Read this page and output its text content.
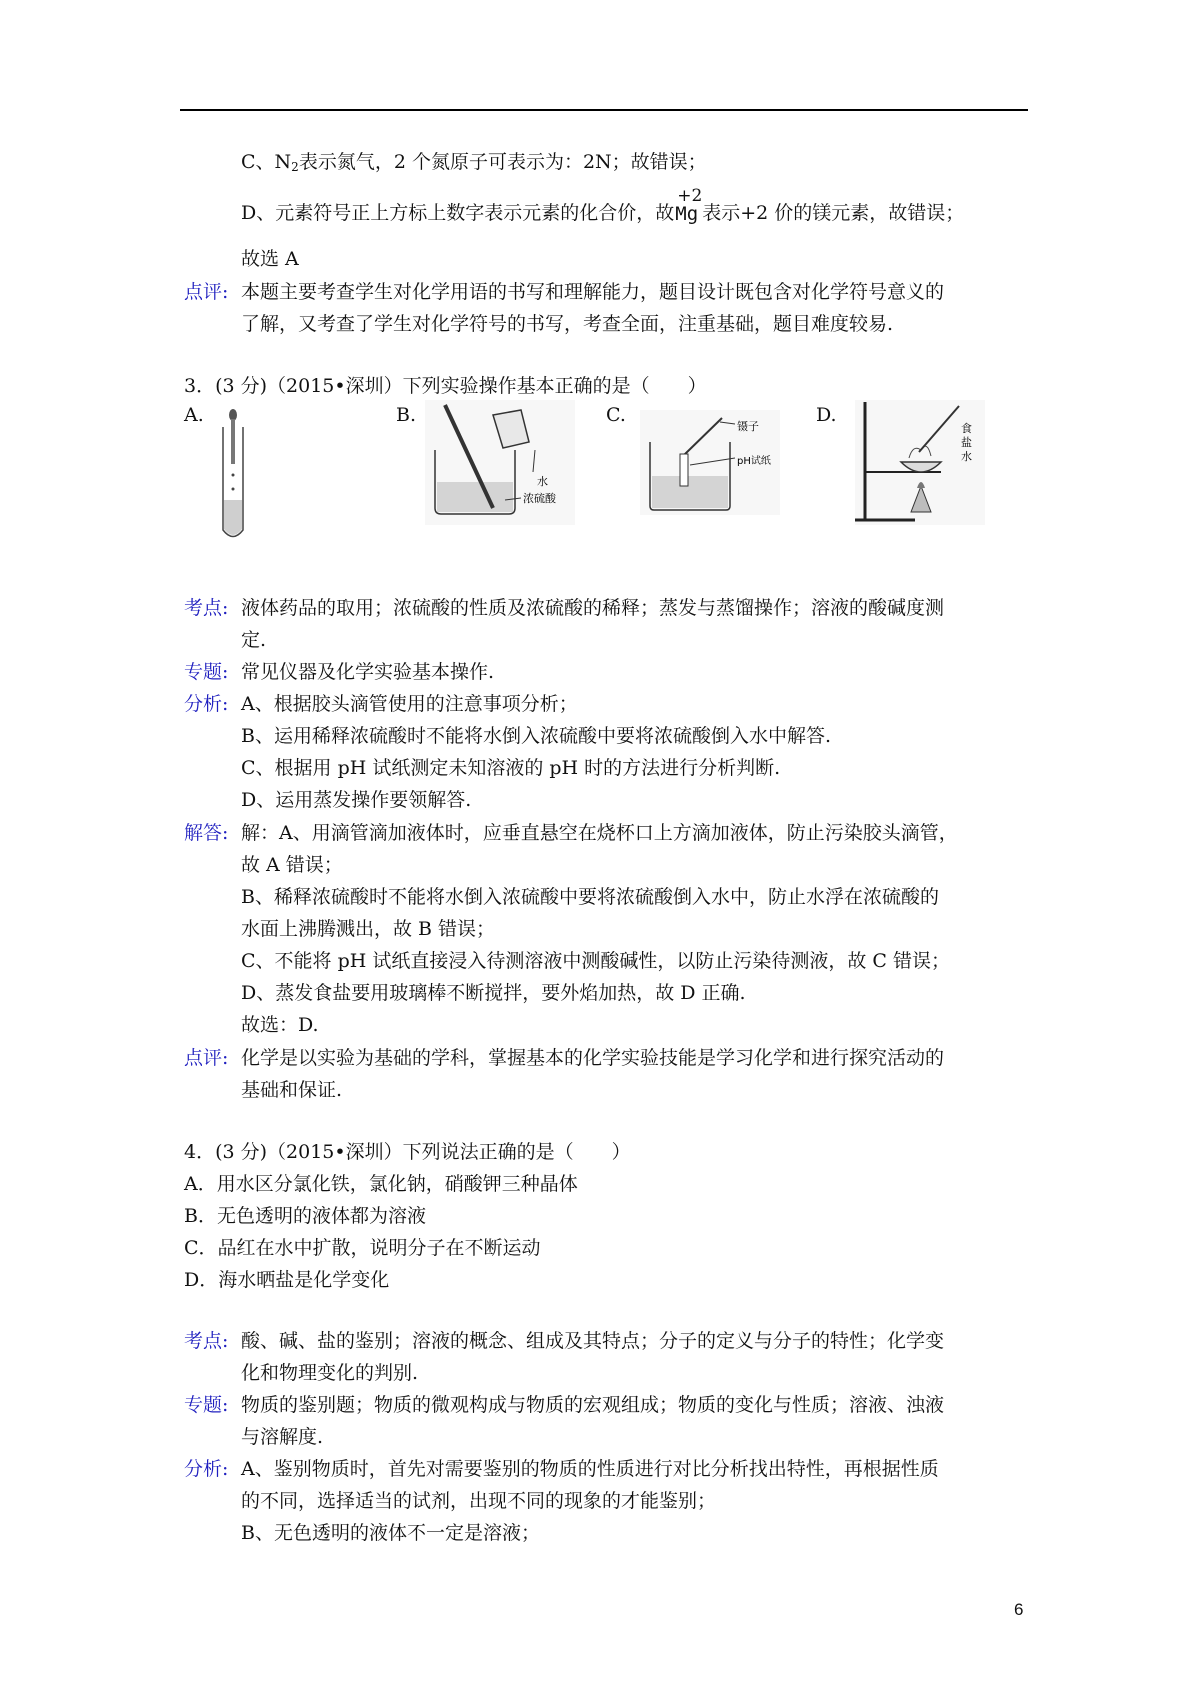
C、$N_2$表示氮气，2 个氮原子可表示为：2N；故错误；
D、元素符号正上方标上数字表示元素的化合价，故
+2
Mg 表示+2 价的镁元素，故错误；
故选 A
点评: 本题主要考查学生对化学用语的书写和理解能力，题目设计既包含对化学符号意义的
了解，又考查了学生对化学符号的书写，考查全面，注重基础，题目难度较易.
3．(3 分)（2015•深圳）下列实验操作基本正确的是（　　）
A.	B.	C.	D.
水
浓硫酸
镊子
pH试纸
食盐水
考点: 液体药品的取用；浓硫酸的性质及浓硫酸的稀释；蒸发与蒸馏操作；溶液的酸碱度测
定.
专题: 常见仪器及化学实验基本操作.
分析: A、根据胶头滴管使用的注意事项分析；
B、运用稀释浓硫酸时不能将水倒入浓硫酸中要将浓硫酸倒入水中解答.
C、根据用 pH 试纸测定未知溶液的 pH 时的方法进行分析判断.
D、运用蒸发操作要领解答.
解答: 解：A、用滴管滴加液体时，应垂直悬空在烧杯口上方滴加液体，防止污染胶头滴管，
故 A 错误；
B、稀释浓硫酸时不能将水倒入浓硫酸中要将浓硫酸倒入水中，防止水浮在浓硫酸的
水面上沸腾溅出，故 B 错误；
C、不能将 pH 试纸直接浸入待测溶液中测酸碱性，以防止污染待测液，故 C 错误；
D、蒸发食盐要用玻璃棒不断搅拌，要外焰加热，故 D 正确.
故选：D.
点评: 化学是以实验为基础的学科，掌握基本的化学实验技能是学习化学和进行探究活动的
基础和保证.
4．(3 分)（2015•深圳）下列说法正确的是（　　）
A．用水区分氯化铁，氯化钠，硝酸钾三种晶体
B．无色透明的液体都为溶液
C．品红在水中扩散，说明分子在不断运动
D．海水晒盐是化学变化
考点: 酸、碱、盐的鉴别；溶液的概念、组成及其特点；分子的定义与分子的特性；化学变
化和物理变化的判别.
专题: 物质的鉴别题；物质的微观构成与物质的宏观组成；物质的变化与性质；溶液、浊液
与溶解度.
分析: A、鉴别物质时，首先对需要鉴别的物质的性质进行对比分析找出特性，再根据性质
的不同，选择适当的试剂，出现不同的现象的才能鉴别；
B、无色透明的液体不一定是溶液；
6
